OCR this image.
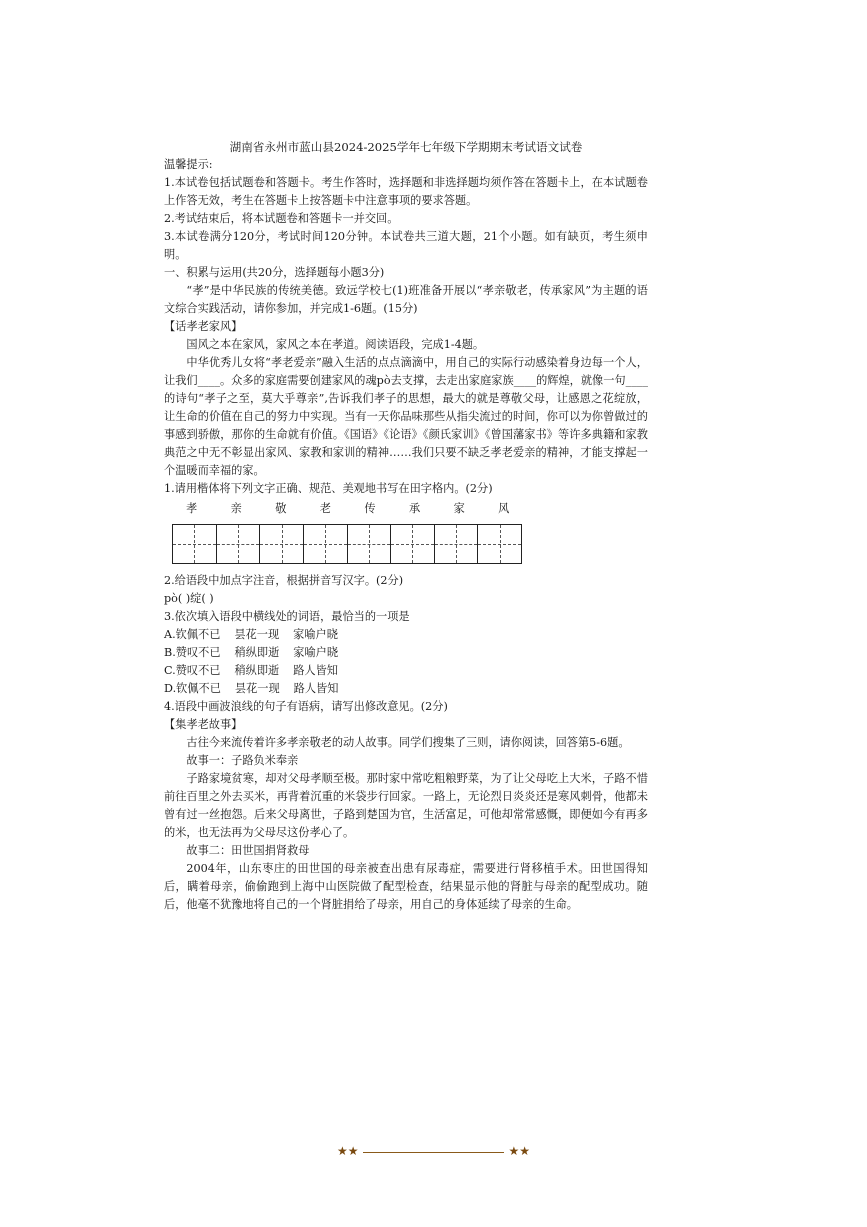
湖南省永州市蓝山县2024-2025学年七年级下学期期末考试语文试卷

温馨提示:

1.本试卷包括试题卷和答题卡。考生作答时，选择题和非选择题均须作答在答题卡上，在本试题卷上作答无效，考生在答题卡上按答题卡中注意事项的要求答题。

2.考试结束后，将本试题卷和答题卡一并交回。

3.本试卷满分120分，考试时间120分钟。本试卷共三道大题，21个小题。如有缺页，考生须申明。

一、积累与运用(共20分，选择题每小题3分)

“孝”是中华民族的传统美德。致远学校七(1)班准备开展以“孝亲敬老，传承家风”为主题的语文综合实践活动，请你参加，并完成1-6题。(15分)

【话孝老家风】

国风之本在家风，家风之本在孝道。阅读语段，完成1-4题。

中华优秀儿女将“孝老爱亲”融入生活的点点滴滴中，用自己的实际行动感染着身边每一个人，让我们____。众多的家庭需要创建家风的魂pò去支撑，去走出家庭家族____的辉煌，就像一句____的诗句“孝子之至，莫大乎尊亲”,告诉我们孝子的思想，最大的就是尊敬父母，让感恩之花绽放，让生命的价值在自己的努力中实现。当有一天你品味那些从指尖流过的时间，你可以为你曾做过的事感到骄傲，那你的生命就有价值。《国语》《论语》《颜氏家训》《曾国藩家书》等许多典籍和家教典范之中无不彰显出家风、家教和家训的精神……我们只要不缺乏孝老爱亲的精神，才能支撑起一个温暖而幸福的家。

1.请用楷体将下列文字正确、规范、美观地书写在田字格内。(2分)

孝	亲	敬	老	传	承	家	风

2.给语段中加点字注音，根据拼音写汉字。(2分)

pò( )绽( )

3.依次填入语段中横线处的词语，最恰当的一项是

A.钦佩不已 昙花一现 家喻户晓

B.赞叹不已 稍纵即逝 家喻户晓

C.赞叹不已 稍纵即逝 路人皆知

D.钦佩不已 昙花一现 路人皆知

4.语段中画波浪线的句子有语病，请写出修改意见。(2分)

【集孝老故事】

古往今来流传着许多孝亲敬老的动人故事。同学们搜集了三则，请你阅读，回答第5-6题。

故事一：子路负米奉亲

子路家境贫寒，却对父母孝顺至极。那时家中常吃粗粮野菜，为了让父母吃上大米，子路不惜前往百里之外去买米，再背着沉重的米袋步行回家。一路上，无论烈日炎炎还是寒风刺骨，他都未曾有过一丝抱怨。后来父母离世，子路到楚国为官，生活富足，可他却常常感慨，即便如今有再多的米，也无法再为父母尽这份孝心了。

故事二：田世国捐肾救母

2004年，山东枣庄的田世国的母亲被查出患有尿毒症，需要进行肾移植手术。田世国得知后，瞒着母亲，偷偷跑到上海中山医院做了配型检查，结果显示他的肾脏与母亲的配型成功。随后，他毫不犹豫地将自己的一个肾脏捐给了母亲，用自己的身体延续了母亲的生命。

★★	★★
